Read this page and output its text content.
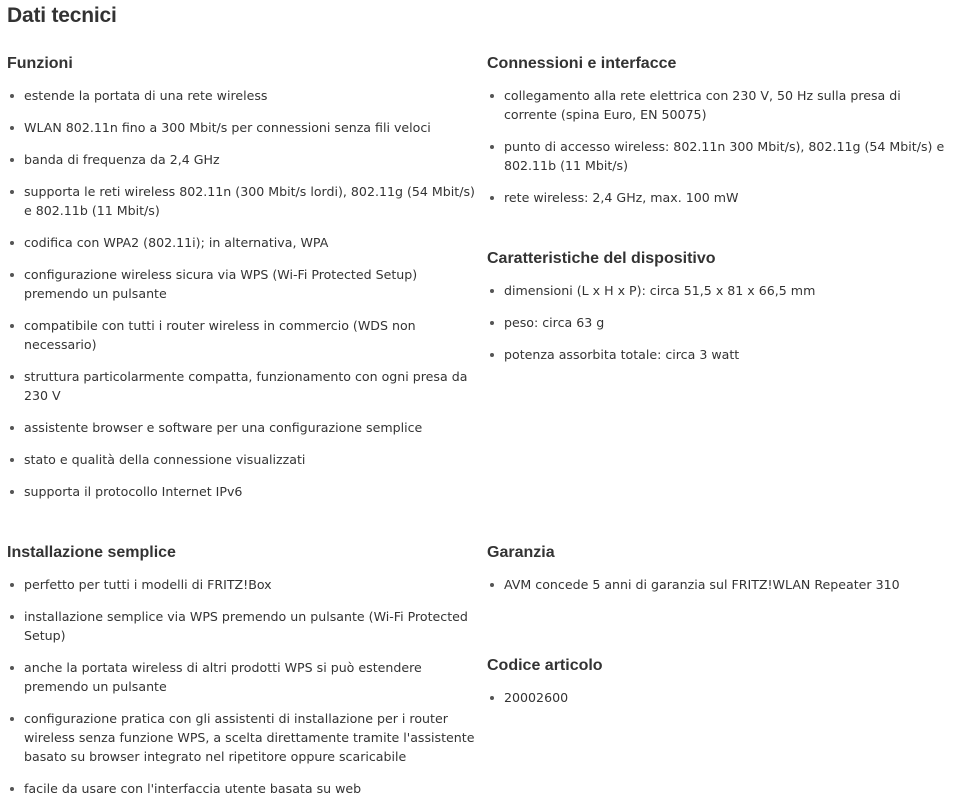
Dati tecnici
Funzioni
estende la portata di una rete wireless
WLAN 802.11n fino a 300 Mbit/s per connessioni senza fili veloci
banda di frequenza da 2,4 GHz
supporta le reti wireless 802.11n (300 Mbit/s lordi), 802.11g (54 Mbit/s) e 802.11b (11 Mbit/s)
codifica con WPA2 (802.11i); in alternativa, WPA
configurazione wireless sicura via WPS (Wi-Fi Protected Setup) premendo un pulsante
compatibile con tutti i router wireless in commercio (WDS non necessario)
struttura particolarmente compatta, funzionamento con ogni presa da 230 V
assistente browser e software per una configurazione semplice
stato e qualità della connessione visualizzati
supporta il protocollo Internet IPv6
Connessioni e interfacce
collegamento alla rete elettrica con 230 V, 50 Hz sulla presa di corrente (spina Euro, EN 50075)
punto di accesso wireless: 802.11n 300 Mbit/s), 802.11g (54 Mbit/s) e 802.11b (11 Mbit/s)
rete wireless: 2,4 GHz, max. 100 mW
Caratteristiche del dispositivo
dimensioni (L x H x P): circa 51,5 x 81 x 66,5 mm
peso: circa 63 g
potenza assorbita totale: circa 3 watt
Installazione semplice
perfetto per tutti i modelli di FRITZ!Box
installazione semplice via WPS premendo un pulsante (Wi-Fi Protected Setup)
anche la portata wireless di altri prodotti WPS si può estendere premendo un pulsante
configurazione pratica con gli assistenti di installazione per i router wireless senza funzione WPS, a scelta direttamente tramite l'assistente basato su browser integrato nel ripetitore oppure scaricabile
facile da usare con l'interfaccia utente basata su web
Garanzia
AVM concede 5 anni di garanzia sul FRITZ!WLAN Repeater 310
Codice articolo
20002600
